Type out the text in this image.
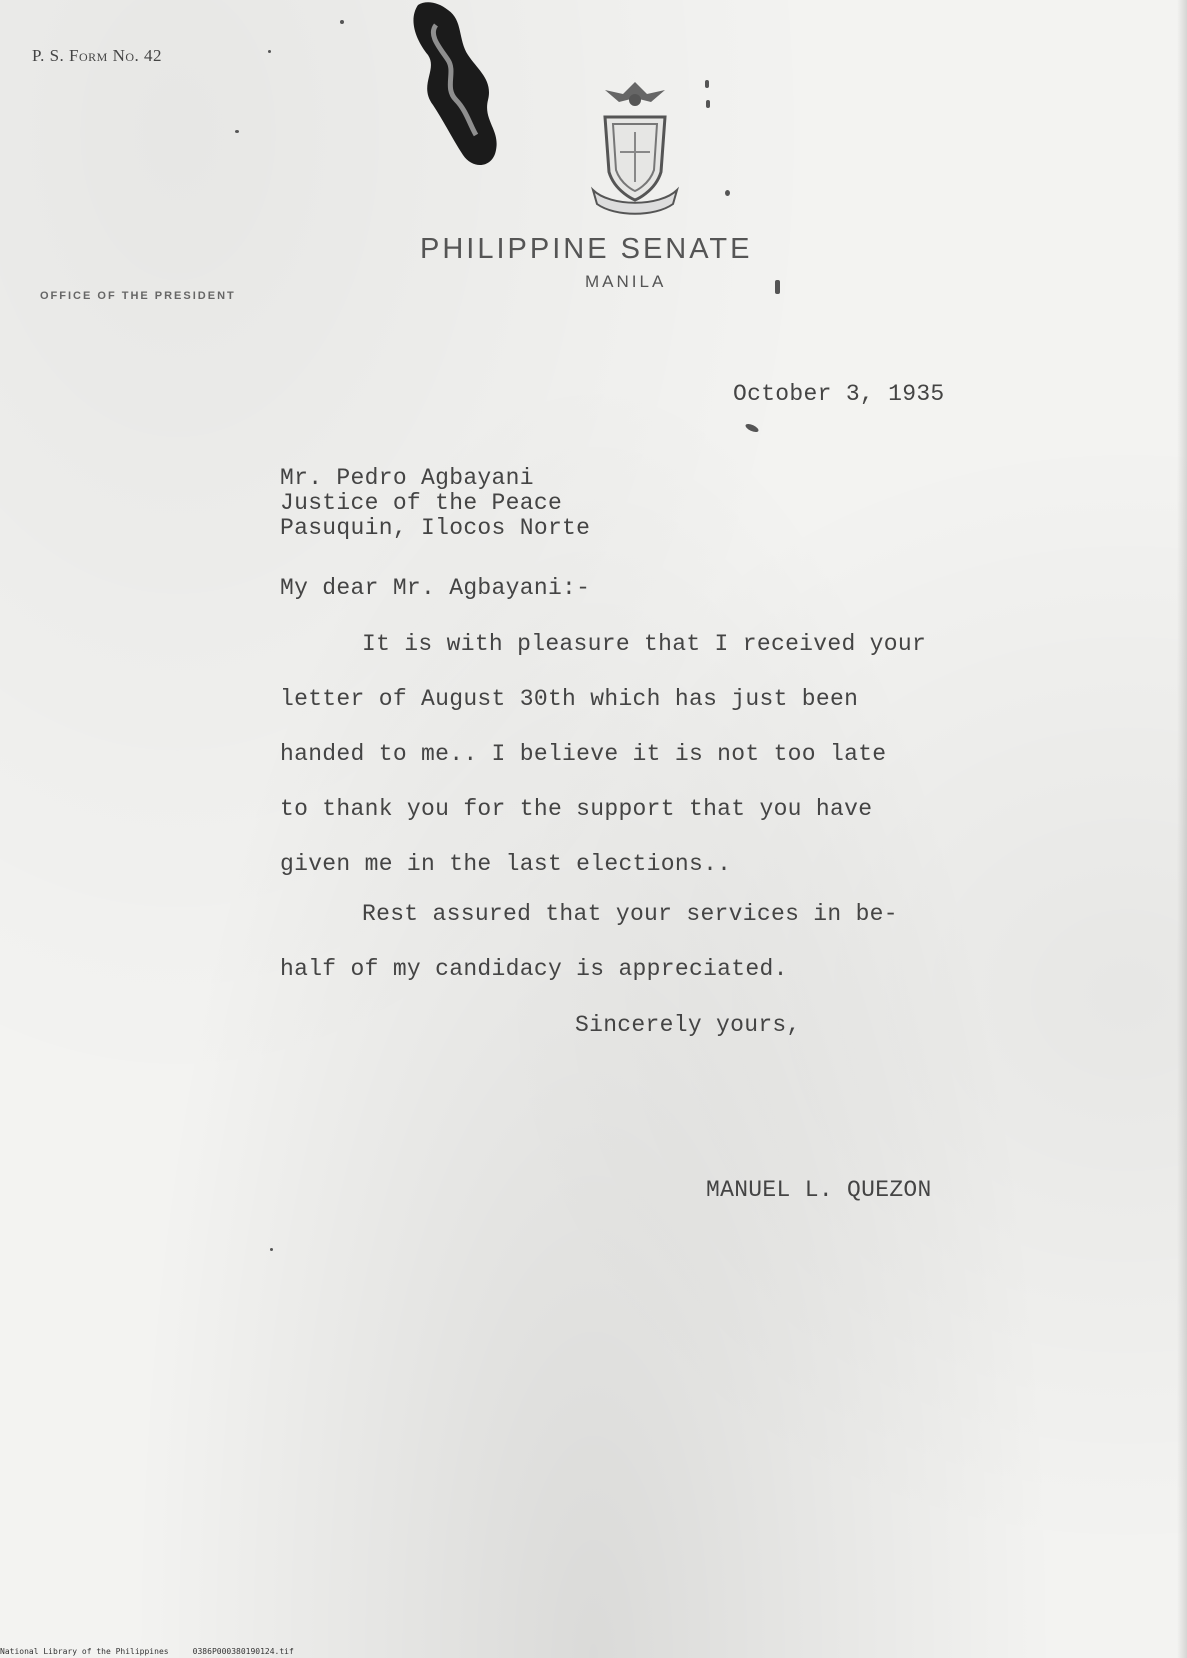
P. S. Form No. 42
PHILIPPINE SENATE
MANILA
OFFICE OF THE PRESIDENT
October 3, 1935
Mr. Pedro Agbayani
Justice of the Peace
Pasuquin, Ilocos Norte
My dear Mr. Agbayani:-
It is with pleasure that I received your
letter of August 30th which has just been
handed to me.. I believe it is not too late
to thank you for the support that you have
given me in the last elections..
Rest assured that your services in be-
half of my candidacy is appreciated.
Sincerely yours,
MANUEL L. QUEZON
National Library of the Philippines	0386P000380190124.tif
